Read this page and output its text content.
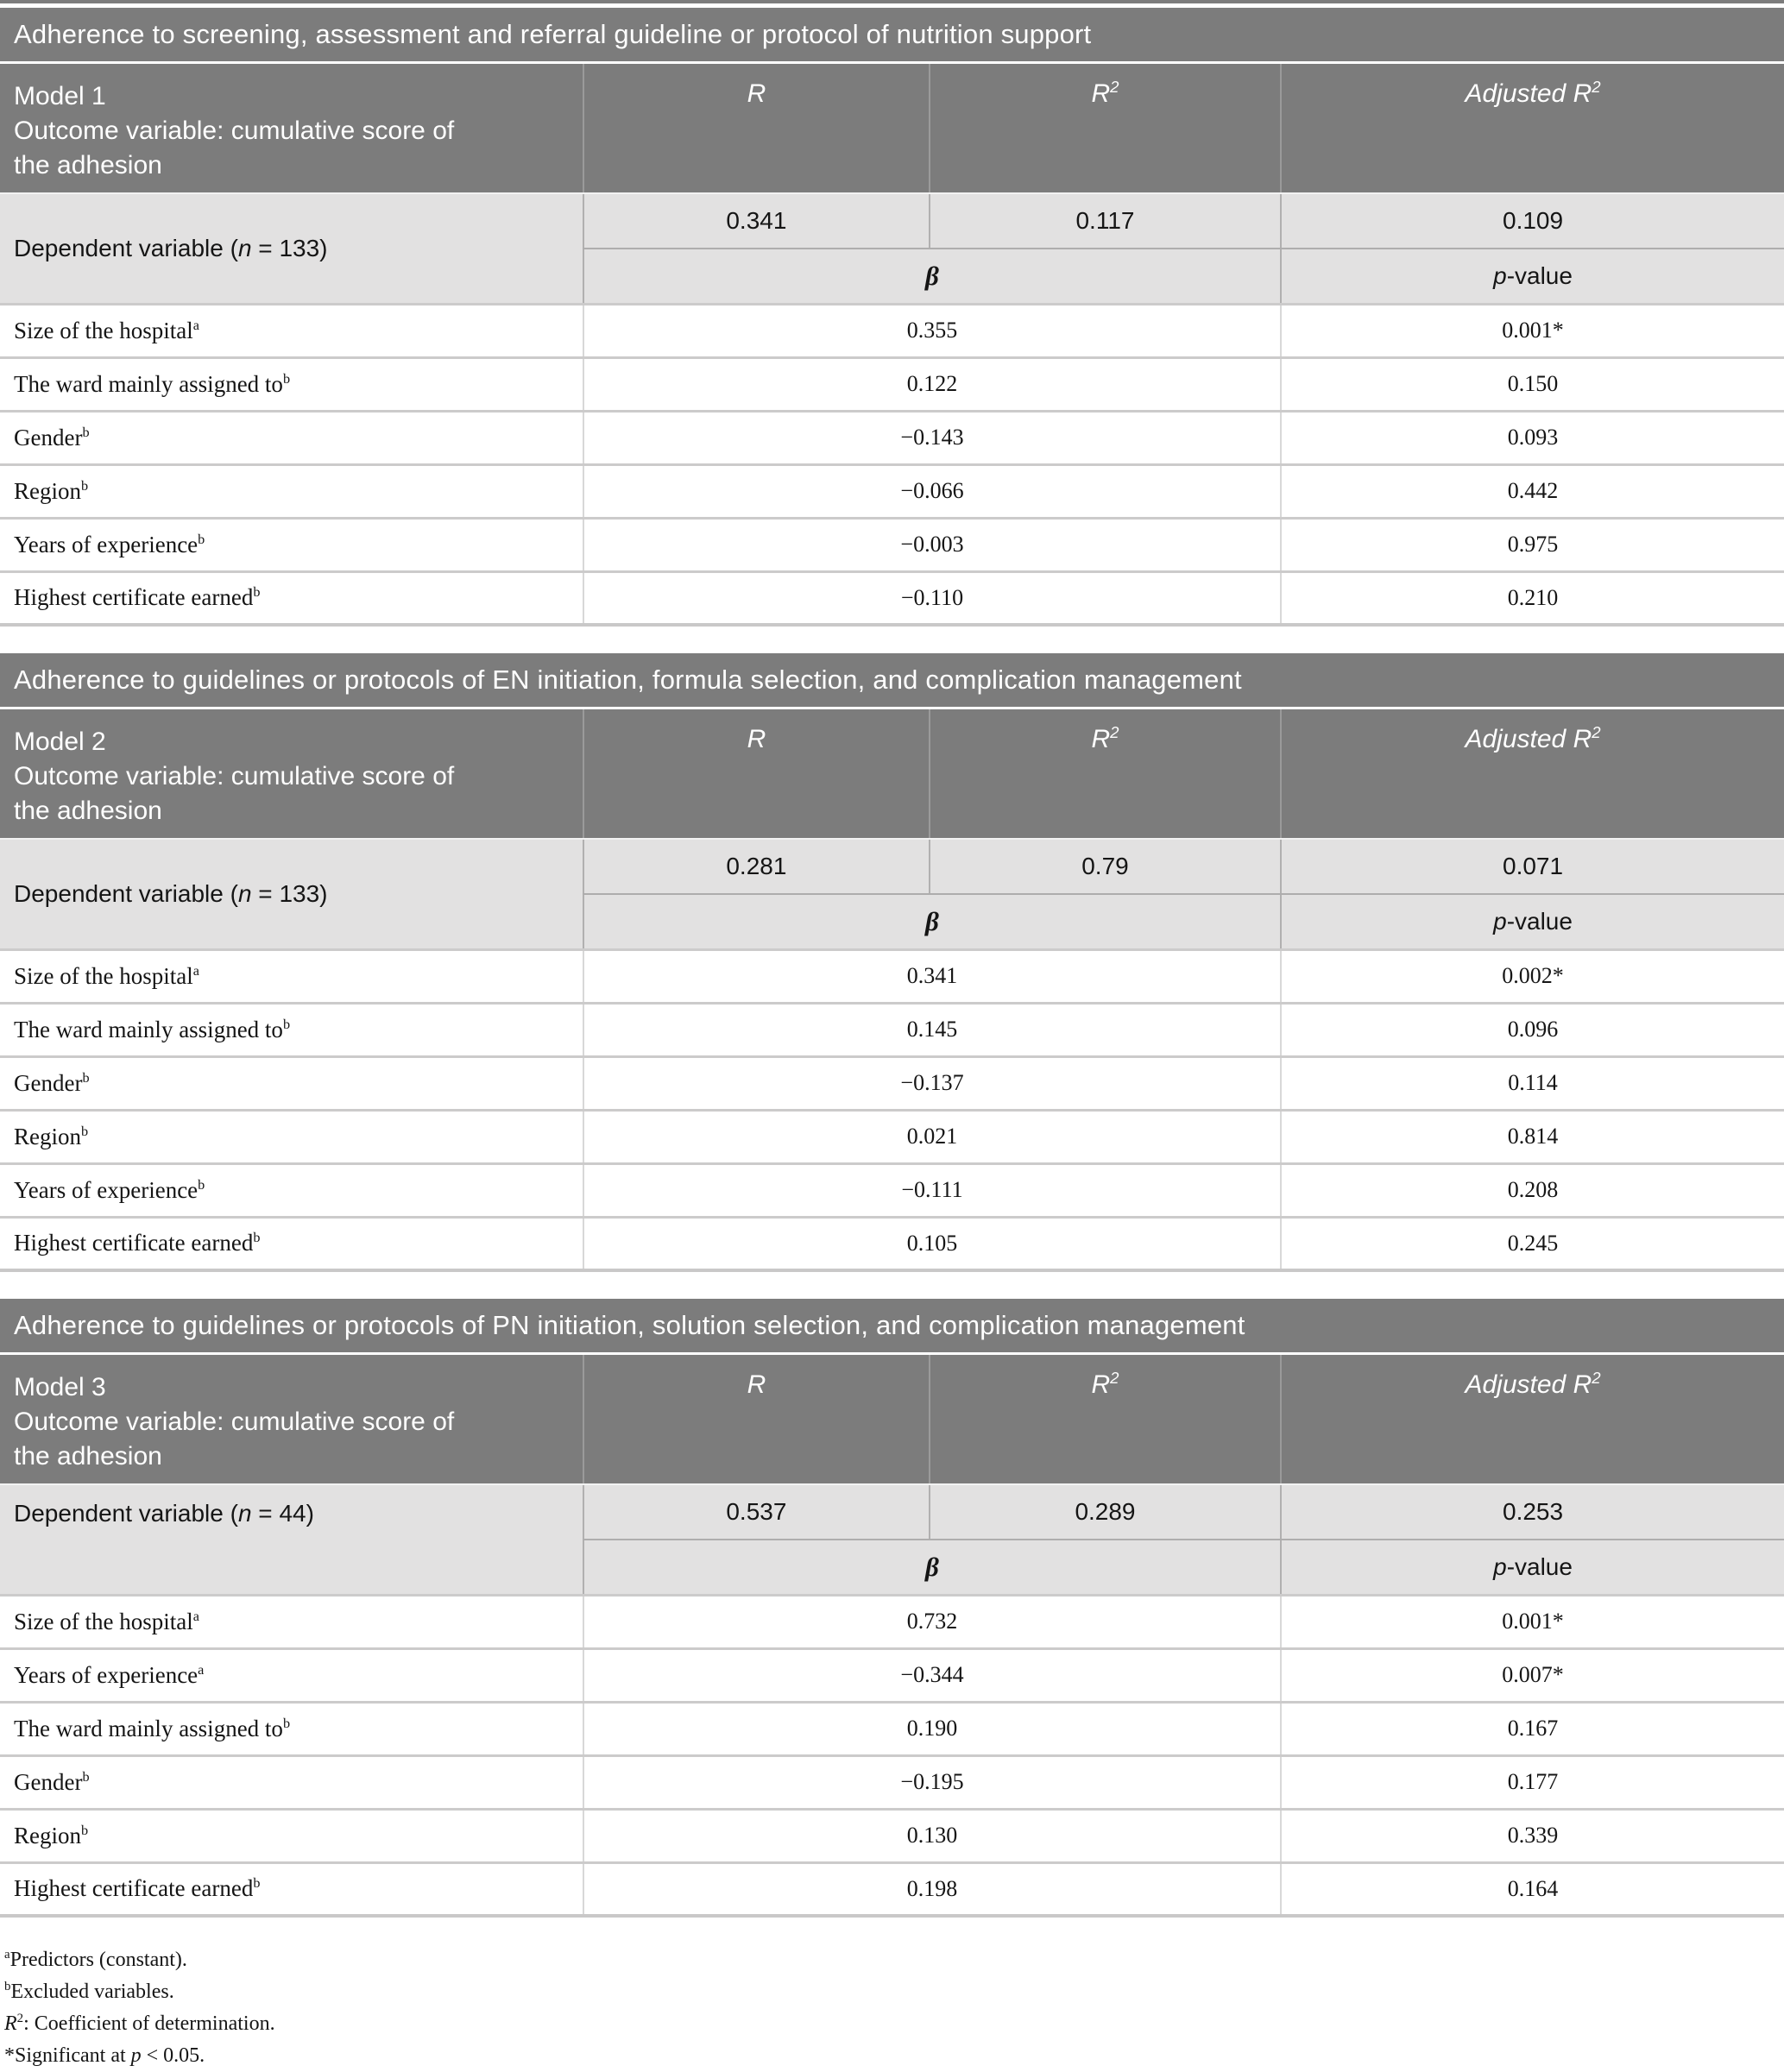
Adherence to screening, assessment and referral guideline or protocol of nutrition support
Model 1
Outcome variable: cumulative score of the adhesion	R	$R^2$	Adjusted $R^2$
Dependent variable (n = 133)	0.341	0.117	0.109
	β		p-value
Size of the hospital$^a$	0.355		0.001*
The ward mainly assigned $to^b$	0.122		0.150
Gender$^b$	−0.143		0.093
Region$^b$	−0.066		0.442
Years of experience$^b$	−0.003		0.975
Highest certificate earned$^b$	−0.110		0.210
Adherence to guidelines or protocols of EN initiation, formula selection, and complication management
Model 2
Outcome variable: cumulative score of the adhesion	R	$R^2$	Adjusted $R^2$
Dependent variable (n = 133)	0.281	0.79	0.071
	β		p-value
Size of the hospital$^a$	0.341		0.002*
The ward mainly assigned $to^b$	0.145		0.096
Gender$^b$	−0.137		0.114
Region$^b$	0.021		0.814
Years of experience$^b$	−0.111		0.208
Highest certificate earned$^b$	0.105		0.245
Adherence to guidelines or protocols of PN initiation, solution selection, and complication management
Model 3
Outcome variable: cumulative score of the adhesion	R	$R^2$	Adjusted $R^2$
Dependent variable (n = 44)	0.537	0.289	0.253
	β		p-value
Size of the hospital$^a$	0.732		0.001*
Years of experience$^a$	−0.344		0.007*
The ward mainly assigned $to^b$	0.190		0.167
Gender$^b$	−0.195		0.177
Region$^b$	0.130		0.339
Highest certificate earned$^b$	0.198		0.164

$^a$Predictors (constant).

$^b$Excluded variables.

$R^2$: Coefficient of determination.

*Significant at p < 0.05.
